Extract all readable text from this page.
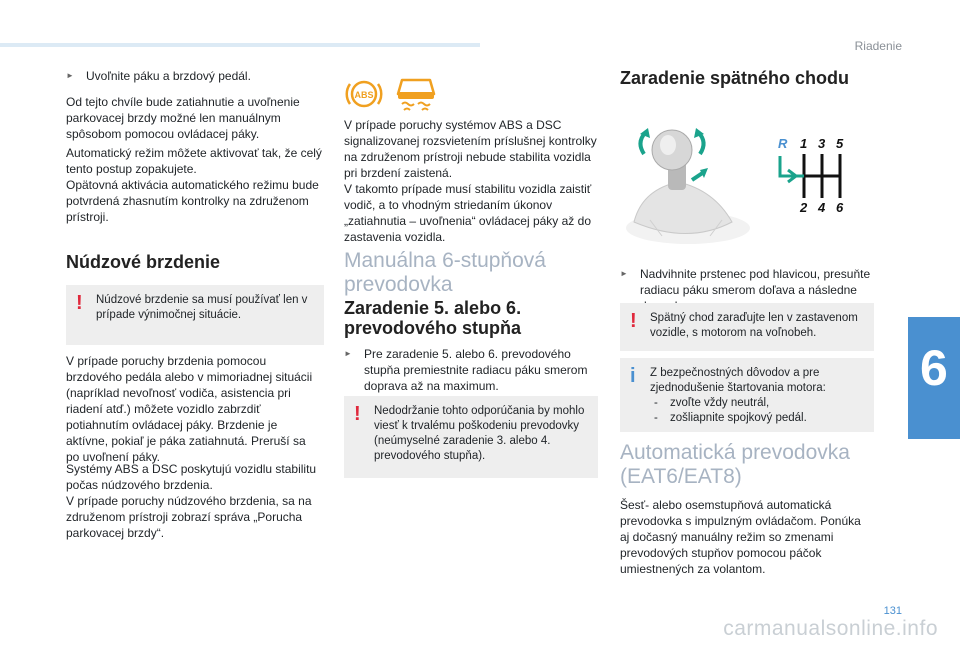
Riadenie
6
131
carmanualsonline.info

► Uvoľnite páku a brzdový pedál.

Od tejto chvíle bude zatiahnutie a uvoľnenie parkovacej brzdy možné len manuálnym spôsobom pomocou ovládacej páky.

Automatický režim môžete aktivovať tak, že celý tento postup zopakujete.

Opätovná aktivácia automatického režimu bude potvrdená zhasnutím kontrolky na združenom prístroji.

Núdzové brzdenie
! Núdzové brzdenie sa musí používať len v prípade výnimočnej situácie.

V prípade poruchy brzdenia pomocou brzdového pedála alebo v mimoriadnej situácii (napríklad nevoľnosť vodiča, asistencia pri riadení atď.) môžete vozidlo zabrzdiť potiahnutím ovládacej páky. Brzdenie je aktívne, pokiaľ je páka zatiahnutá. Preruší sa po uvoľnení páky.

Systémy ABS a DSC poskytujú vozidlu stabilitu počas núdzového brzdenia.

V prípade poruchy núdzového brzdenia, sa na združenom prístroji zobrazí správa „Porucha parkovacej brzdy“.

ABS

V prípade poruchy systémov ABS a DSC signalizovanej rozsvietením príslušnej kontrolky na združenom prístroji nebude stabilita vozidla pri brzdení zaistená.

V takomto prípade musí stabilitu vozidla zaistiť vodič, a to vhodným striedaním úkonov „zatiahnutia – uvoľnenia“ ovládacej páky až do zastavenia vozidla.

Manuálna 6-stupňová prevodovka
Zaradenie 5. alebo 6. prevodového stupňa

► Pre zaradenie 5. alebo 6. prevodového stupňa premiestnite radiacu páku smerom doprava až na maximum.

! Nedodržanie tohto odporúčania by mohlo viesť k trvalému poškodeniu prevodovky (neúmyselné zaradenie 3. alebo 4. prevodového stupňa).

Zaradenie spätného chodu
R 1 3 5
2 4 6

► Nadvihnite prstenec pod hlavicou, presuňte radiacu páku smerom doľava a následne

! Spätný chod zaraďujte len v zastavenom vozidle, s motorom na voľnobeh.

i Z bezpečnostných dôvodov a pre zjednodušenie štartovania motora:

- zvoľte vždy neutrál,
- zošliapnite spojkový pedál.
Automatická prevodovka (EAT6/EAT8)

Šesť- alebo osemstupňová automatická prevodovka s impulzným ovládačom. Ponúka aj dočasný manuálny režim so zmenami prevodových stupňov pomocou páčok umiestnených za volantom.
